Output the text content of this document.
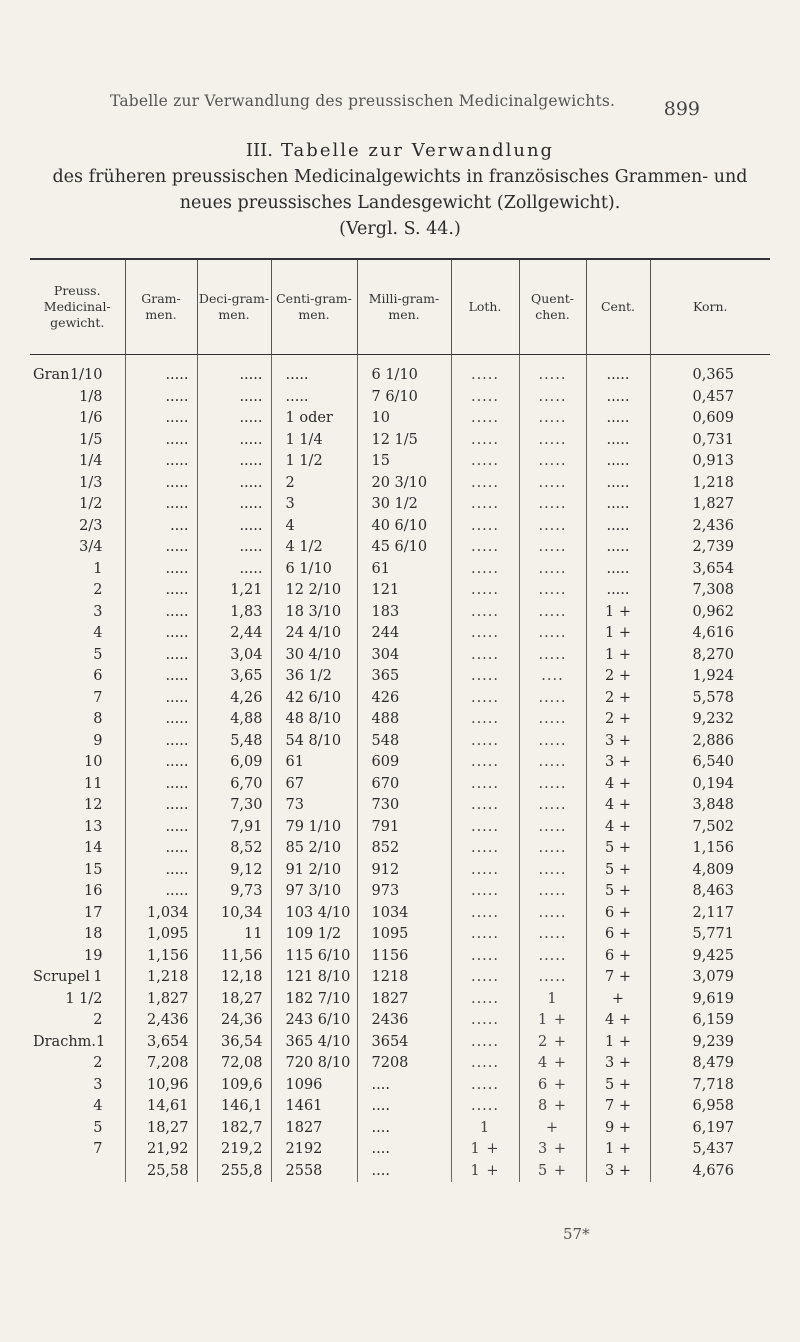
Tabelle zur Verwandlung des preussischen Medicinalgewichts.	899
III. Tabelle zur Verwandlung
des früheren preussischen Medicinalgewichts in französisches Grammen- und
neues preussisches Landesgewicht (Zollgewicht).
(Vergl. S. 44.)
Preuss. Medicinal-gewicht.	Gram-men.	Deci-gram-men.	Centi-gram-men.	Milli-gram-men.	Loth.	Quent-chen.	Cent.	Korn.

Gran 1/10	.....	.....	.....	6 1/10	.....	.....	.....	0,365

1/8	.....	.....	.....	7 6/10	.....	.....	.....	0,457

1/6	.....	.....	1 oder	10	.....	.....	.....	0,609

1/5	.....	.....	1 1/4	12 1/5	.....	.....	.....	0,731

1/4	.....	.....	1 1/2	15	.....	.....	.....	0,913

1/3	.....	.....	2	20 3/10	.....	.....	.....	1,218

1/2	.....	.....	3	30 1/2	.....	.....	.....	1,827

2/3	....	.....	4	40 6/10	.....	.....	.....	2,436

3/4	.....	.....	4 1/2	45 6/10	.....	.....	.....	2,739

1	.....	.....	6 1/10	61	.....	.....	.....	3,654

2	.....	1,21	12 2/10	121	.....	.....	.....	7,308

3	.....	1,83	18 3/10	183	.....	.....	1 +	0,962

4	.....	2,44	24 4/10	244	.....	.....	1 +	4,616

5	.....	3,04	30 4/10	304	.....	.....	1 +	8,270

6	.....	3,65	36 1/2	365	.....	....	2 +	1,924

7	.....	4,26	42 6/10	426	.....	.....	2 +	5,578

8	.....	4,88	48 8/10	488	.....	.....	2 +	9,232

9	.....	5,48	54 8/10	548	.....	.....	3 +	2,886

10	.....	6,09	61	609	.....	.....	3 +	6,540

11	.....	6,70	67	670	.....	.....	4 +	0,194

12	.....	7,30	73	730	.....	.....	4 +	3,848

13	.....	7,91	79 1/10	791	.....	.....	4 +	7,502

14	.....	8,52	85 2/10	852	.....	.....	5 +	1,156

15	.....	9,12	91 2/10	912	.....	.....	5 +	4,809

16	.....	9,73	97 3/10	973	.....	.....	5 +	8,463

17	1,034	10,34	103 4/10	1034	.....	.....	6 +	2,117

18	1,095	11	109 1/2	1095	.....	.....	6 +	5,771

19	1,156	11,56	115 6/10	1156	.....	.....	6 +	9,425

Scrupel 1	1,218	12,18	121 8/10	1218	.....	.....	7 +	3,079

1 1/2	1,827	18,27	182 7/10	1827	.....	1	+	9,619

2	2,436	24,36	243 6/10	2436	.....	1 +	4 +	6,159

Drachm. 1	3,654	36,54	365 4/10	3654	.....	2 +	1 +	9,239

2	7,208	72,08	720 8/10	7208	.....	4 +	3 +	8,479

3	10,96	109,6	1096	....	.....	6 +	5 +	7,718

4	14,61	146,1	1461	....	.....	8 +	7 +	6,958

5	18,27	182,7	1827	....	1	+	9 +	6,197

7	21,92	219,2	2192	....	1 +	3 +	1 +	5,437

	25,58	255,8	2558	....	1 +	5 +	3 +	4,676
57*
